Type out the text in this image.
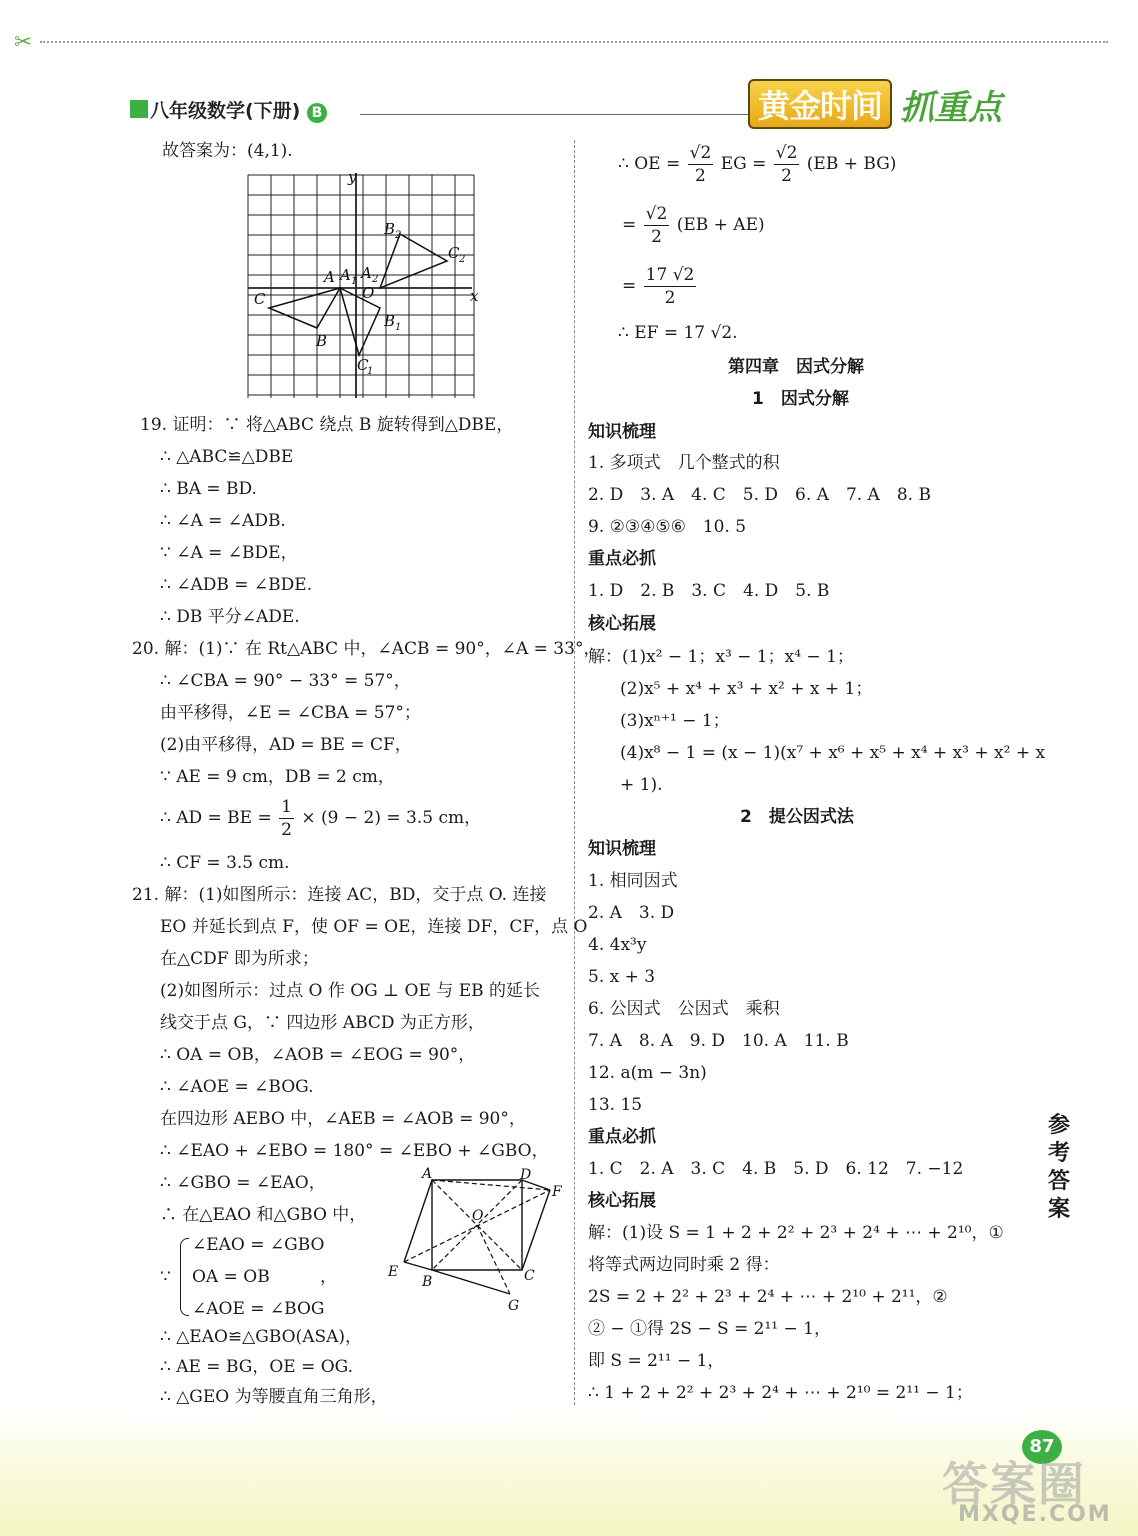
✂
八年级数学(下册) B	黄金时间 抓重点
故答案为：(4,1).
y
x
O
C
A A 1 A 2
B
B 1
B 2
C
1
C 2
19. 证明：∵ 将△ABC 绕点 B 旋转得到△DBE，
∴ △ABC≌△DBE
∴ BA = BD.
∴ ∠A = ∠ADB.
∵ ∠A = ∠BDE，
∴ ∠ADB = ∠BDE.
∴ DB 平分∠ADE.
20. 解：(1)∵ 在 Rt△ABC 中，∠ACB = 90°，∠A = 33°，
∴ ∠CBA = 90° − 33° = 57°，
由平移得，∠E = ∠CBA = 57°；
(2)由平移得，AD = BE = CF，
∵ AE = 9 cm，DB = 2 cm，
∴ AD = BE = $\frac{1}{2} \times (9 - 2) = 3.5$ cm，
∴ CF = 3.5 cm.
21. 解：(1)如图所示：连接 AC，BD，交于点 O. 连接
EO 并延长到点 F，使 OF = OE，连接 DF，CF，点 O
在△CDF 即为所求；
(2)如图所示：过点 O 作 OG ⊥ OE 与 EB 的延长
线交于点 G，∵ 四边形 ABCD 为正方形，
∴ OA = OB，∠AOB = ∠EOG = 90°，
∴ ∠AOE = ∠BOG.
在四边形 AEBO 中，∠AEB = ∠AOB = 90°，
∴ ∠EAO + ∠EBO = 180° = ∠EBO + ∠GBO，
∴ ∠GBO = ∠EAO，
∴ 在△EAO 和△GBO 中，
∵
∠EAO = ∠GBO
OA = OB	，
∠AOE = ∠BOG
∴ △EAO≌△GBO(ASA)，
∴ AE = BG，OE = OG.
∴ △GEO 为等腰直角三角形，
A	D
F
O
E
B	C
G
∴ OE = $\frac{√2}{2}$ EG = $\frac{√2}{2} (EB + BG)$
= $\frac{√2}{2} (EB + AE)$
= $\frac{17 √2}{2}$
∴ EF = 17 √2.
第四章　因式分解
1　因式分解
知识梳理
1. 多项式　几个整式的积
2. D　3. A　4. C　5. D　6. A　7. A　8. B
9. ②③④⑤⑥　10. 5
重点必抓
1. D　2. B　3. C　4. D　5. B
核心拓展
解：(1)x² − 1；x³ − 1；x⁴ − 1；
(2)x⁵ + x⁴ + x³ + x² + x + 1；
(3)xⁿ⁺¹ − 1；
(4)x⁸ − 1 = (x − 1)(x⁷ + x⁶ + x⁵ + x⁴ + x³ + x² + x
+ 1).
2　提公因式法
知识梳理
1. 相同因式
2. A　3. D
4. 4x³y
5. x + 3
6. 公因式　公因式　乘积
7. A　8. A　9. D　10. A　11. B
12. a(m − 3n)
13. 15
重点必抓
1. C　2. A　3. C　4. B　5. D　6. 12　7. −12
核心拓展
解：(1)设 S = 1 + 2 + 2² + 2³ + 2⁴ + ⋯ + 2¹⁰，①
将等式两边同时乘 2 得：
2S = 2 + 2² + 2³ + 2⁴ + ⋯ + 2¹⁰ + 2¹¹，②
② − ①得 2S − S = 2¹¹ − 1，
即 S = 2¹¹ − 1，
∴ 1 + 2 + 2² + 2³ + 2⁴ + ⋯ + 2¹⁰ = 2¹¹ − 1；
参
考
答
案
87
答案圈
MXQE.COM
